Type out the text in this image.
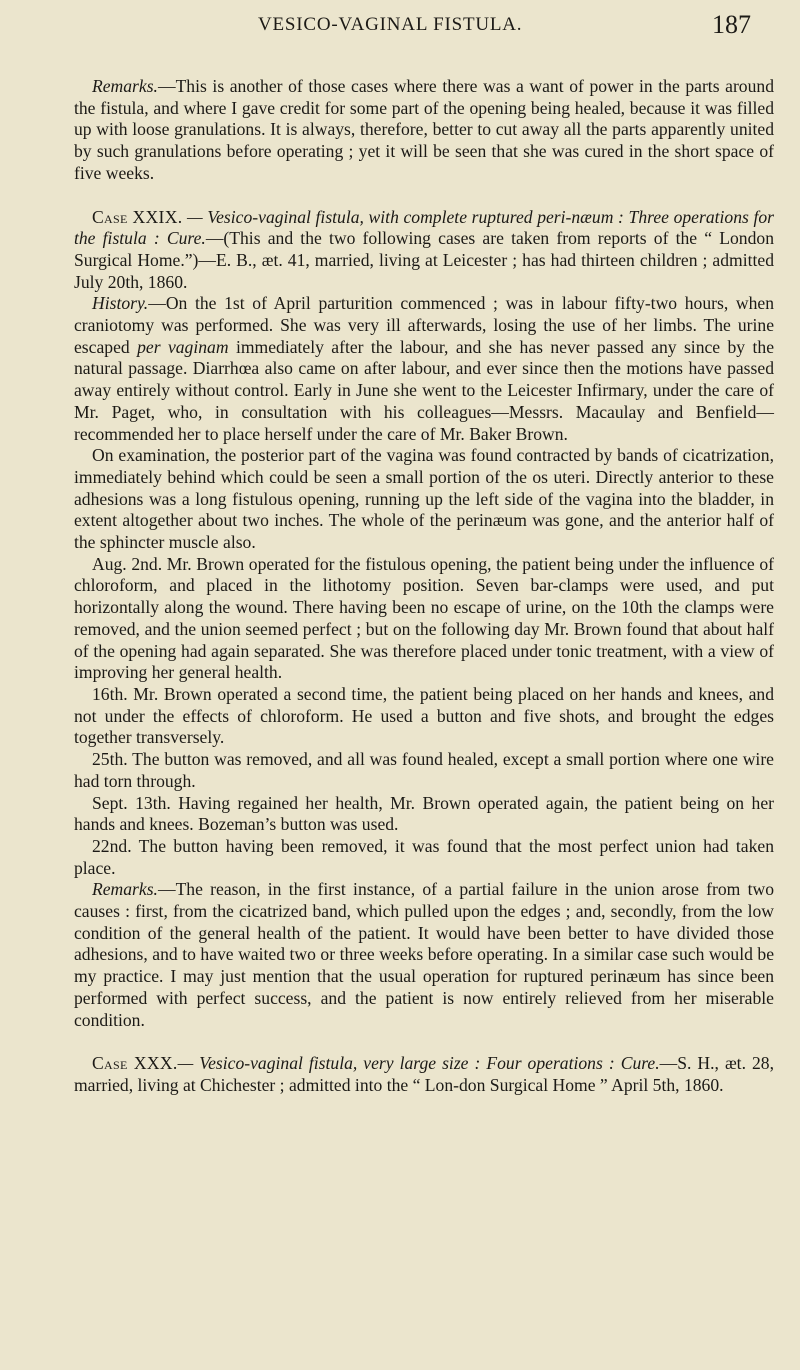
VESICO-VAGINAL FISTULA.	187

Remarks.—This is another of those cases where there was a want of power in the parts around the fistula, and where I gave credit for some part of the opening being healed, because it was filled up with loose granulations. It is always, therefore, better to cut away all the parts apparently united by such granulations before operating ; yet it will be seen that she was cured in the short space of five weeks.

Case XXIX. — Vesico-vaginal fistula, with complete ruptured peri-næum : Three operations for the fistula : Cure.—(This and the two following cases are taken from reports of the “ London Surgical Home.”)—E. B., æt. 41, married, living at Leicester ; has had thirteen children ; admitted July 20th, 1860.

History.—On the 1st of April parturition commenced ; was in labour fifty-two hours, when craniotomy was performed. She was very ill afterwards, losing the use of her limbs. The urine escaped per vaginam immediately after the labour, and she has never passed any since by the natural passage. Diarrhœa also came on after labour, and ever since then the motions have passed away entirely without control. Early in June she went to the Leicester Infirmary, under the care of Mr. Paget, who, in consultation with his colleagues—Messrs. Macaulay and Benfield—recommended her to place herself under the care of Mr. Baker Brown.

On examination, the posterior part of the vagina was found contracted by bands of cicatrization, immediately behind which could be seen a small portion of the os uteri. Directly anterior to these adhesions was a long fistulous opening, running up the left side of the vagina into the bladder, in extent altogether about two inches. The whole of the perinæum was gone, and the anterior half of the sphincter muscle also.

Aug. 2nd. Mr. Brown operated for the fistulous opening, the patient being under the influence of chloroform, and placed in the lithotomy position. Seven bar-clamps were used, and put horizontally along the wound. There having been no escape of urine, on the 10th the clamps were removed, and the union seemed perfect ; but on the following day Mr. Brown found that about half of the opening had again separated. She was therefore placed under tonic treatment, with a view of improving her general health.

16th. Mr. Brown operated a second time, the patient being placed on her hands and knees, and not under the effects of chloroform. He used a button and five shots, and brought the edges together transversely.

25th. The button was removed, and all was found healed, except a small portion where one wire had torn through.

Sept. 13th. Having regained her health, Mr. Brown operated again, the patient being on her hands and knees. Bozeman’s button was used.

22nd. The button having been removed, it was found that the most perfect union had taken place.

Remarks.—The reason, in the first instance, of a partial failure in the union arose from two causes : first, from the cicatrized band, which pulled upon the edges ; and, secondly, from the low condition of the general health of the patient. It would have been better to have divided those adhesions, and to have waited two or three weeks before operating. In a similar case such would be my practice. I may just mention that the usual operation for ruptured perinæum has since been performed with perfect success, and the patient is now entirely relieved from her miserable condition.

Case XXX.— Vesico-vaginal fistula, very large size : Four operations : Cure.—S. H., æt. 28, married, living at Chichester ; admitted into the “ Lon-don Surgical Home ” April 5th, 1860.
